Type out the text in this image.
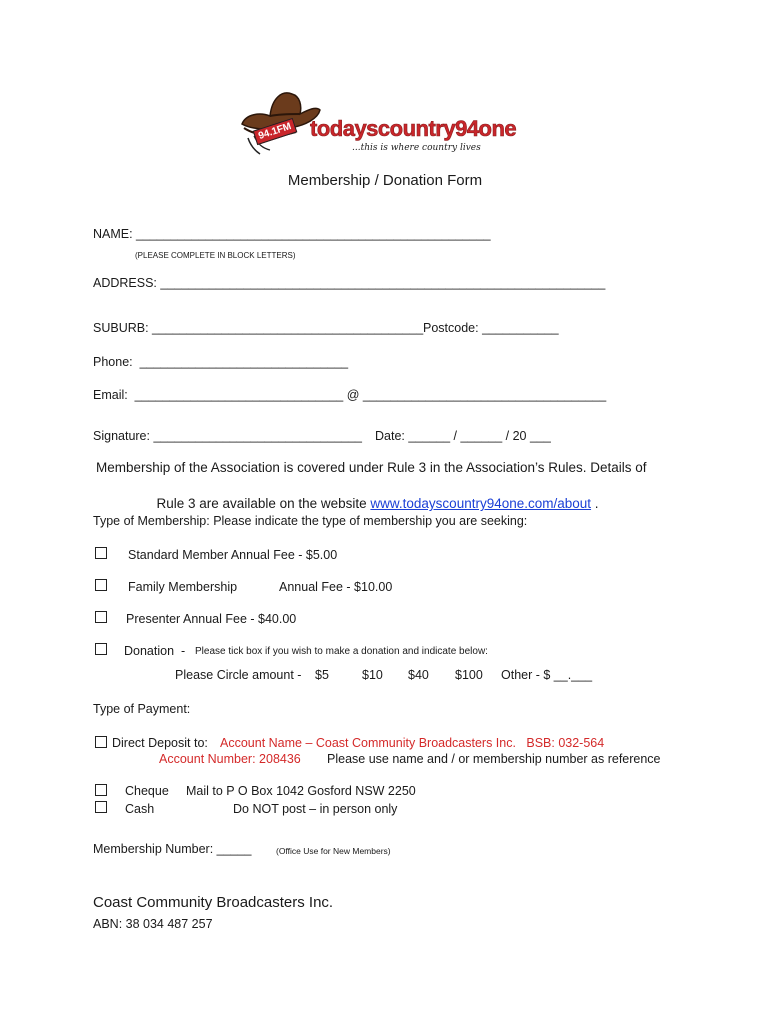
94.1FM todayscountry94one
...this is where country lives
Membership / Donation Form
NAME: ___________________________________________________
(PLEASE COMPLETE IN BLOCK LETTERS)
ADDRESS: ________________________________________________________________
SUBURB: _______________________________________ Postcode: ___________
Phone:  ______________________________
Email:  ______________________________ @ ___________________________________
Signature: ______________________________ Date: ______ / ______ / 20 ___
Membership of the Association is covered under Rule 3 in the Association’s Rules. Details of

Rule 3 are available on the website www.todayscountry94one.com/about .

Type of Membership: Please indicate the type of membership you are seeking:
Standard Member Annual Fee - $5.00
Family Membership	Annual Fee - $10.00
Presenter Annual Fee - $40.00
Donation  - Please tick box if you wish to make a donation and indicate below:
Please Circle amount - $5	$10 $40 $100 Other - $ __.___
Type of Payment:
Direct Deposit to: Account Name – Coast Community Broadcasters Inc.   BSB: 032-564
Account Number: 208436 Please use name and / or membership number as reference
Cheque Mail to P O Box 1042 Gosford NSW 2250
Cash	Do NOT post – in person only
Membership Number: _____	(Office Use for New Members)
Coast Community Broadcasters Inc.
ABN: 38 034 487 257
